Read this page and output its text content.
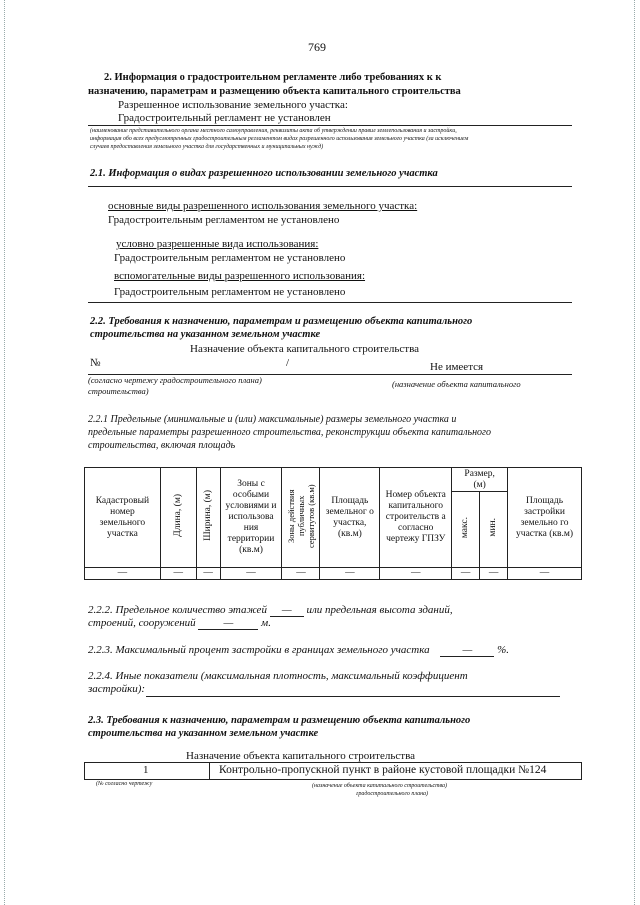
769
2. Информация о градостроительном регламенте либо требованиях к к
назначению, параметрам и размещению объекта капитального строительства
Разрешенное использование земельного участка:
Градостроительный регламент не установлен
(наименование представительного органа местного самоуправления, реквизиты акта об утверждении правил землепользования и застройки,
информация обо всех предусмотренных градостроительным регламентом видах разрешенного использования земельного участка (за исключением
случаев предоставления земельного участка для государственных и муниципальных нужд)
2.1. Информация о видах разрешенного использовании земельного участка
основные виды разрешенного использования земельного участка:
Градостроительным регламентом не установлено
условно разрешенные вида использования:
Градостроительным регламентом не установлено
вспомогательные виды разрешенного использования:
Градостроительным регламентом не установлено
2.2. Требования к назначению, параметрам и размещению объекта капитального
строительства на указанном земельном участке
Назначение объекта капитального строительства
№	/	Не имеется
(согласно чертежу градостроительного плана)
строительства)
(назначение объекта капитального
2.2.1 Предельные (минимальные и (или) максимальные) размеры земельного участка и
предельные параметры разрешенного строительства, реконструкции объекта капитального
строительства, включая площадь
Кадастровый номер земельного участка	Длина, (м)	Ширина, (м)	Зоны с особыми условиями и использова ния территории (кв.м)	Зоны действия публичных сервитутов (кв.м)	Площадь земельног о участка, (кв.м)	Номер объекта капитального строительств а согласно чертежу ГПЗУ	Размер, (м)		Площадь застройки земельно го участка (кв.м)
							макс.	мин.	
—	—	—	—	—	—	—	—	—	—
2.2.2. Предельное количество этажей — или предельная высота зданий,
строений, сооружений	—	м.
2.2.3. Максимальный процент застройки в границах земельного участка	— %.
2.2.4. Иные показатели (максимальная плотность, максимальный коэффициент
застройки):
2.3. Требования к назначению, параметрам и размещению объекта капитального
строительства на указанном земельном участке
Назначение объекта капитального строительства
1	Контрольно-пропускной пункт в районе кустовой площадки №124
(№ согласно чертежу	(назначение объекта капитального строительства)
градостроительного плана)
